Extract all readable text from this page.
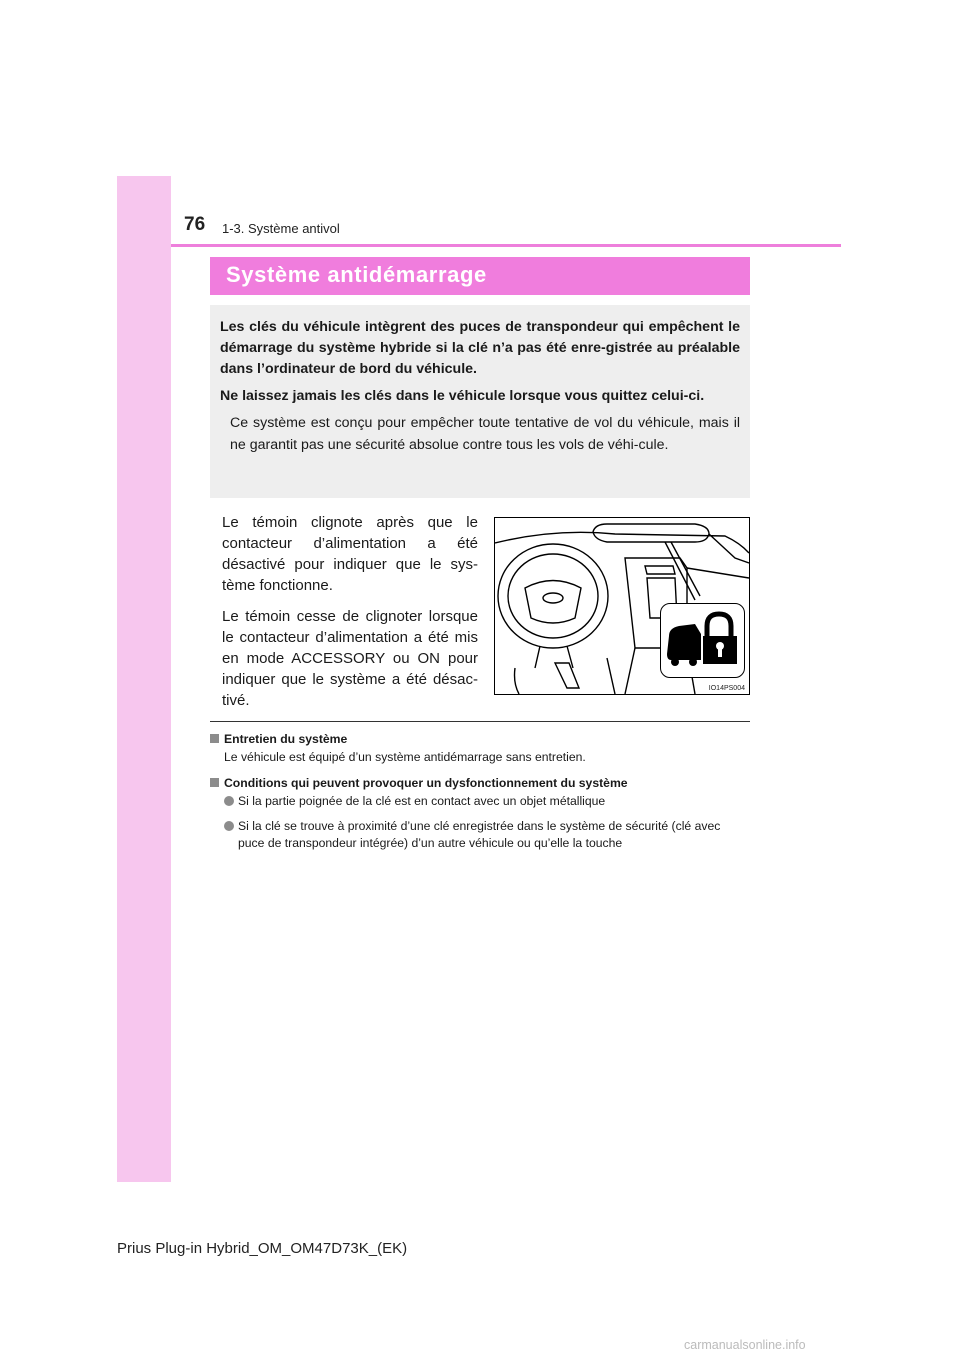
76 1-3. Système antivol
Système antidémarrage

Les clés du véhicule intègrent des puces de transpondeur qui empêchent le démarrage du système hybride si la clé n’a pas été enre-gistrée au préalable dans l’ordinateur de bord du véhicule.

Ne laissez jamais les clés dans le véhicule lorsque vous quittez celui-ci.

Ce système est conçu pour empêcher toute tentative de vol du véhicule, mais il ne garantit pas une sécurité absolue contre tous les vols de véhi-cule.

Le témoin clignote après que le contacteur d’alimentation a été désactivé pour indiquer que le sys-tème fonctionne.

Le témoin cesse de clignoter lorsque le contacteur d’alimentation a été mis en mode ACCESSORY ou ON pour indiquer que le système a été désac-tivé.

IO14PS004
Entretien du système
Le véhicule est équipé d’un système antidémarrage sans entretien.
Conditions qui peuvent provoquer un dysfonctionnement du système
Si la partie poignée de la clé est en contact avec un objet métallique
Si la clé se trouve à proximité d’une clé enregistrée dans le système de sécurité (clé avec puce de transpondeur intégrée) d’un autre véhicule ou qu’elle la touche
Prius Plug-in Hybrid_OM_OM47D73K_(EK)
carmanualsonline.info
